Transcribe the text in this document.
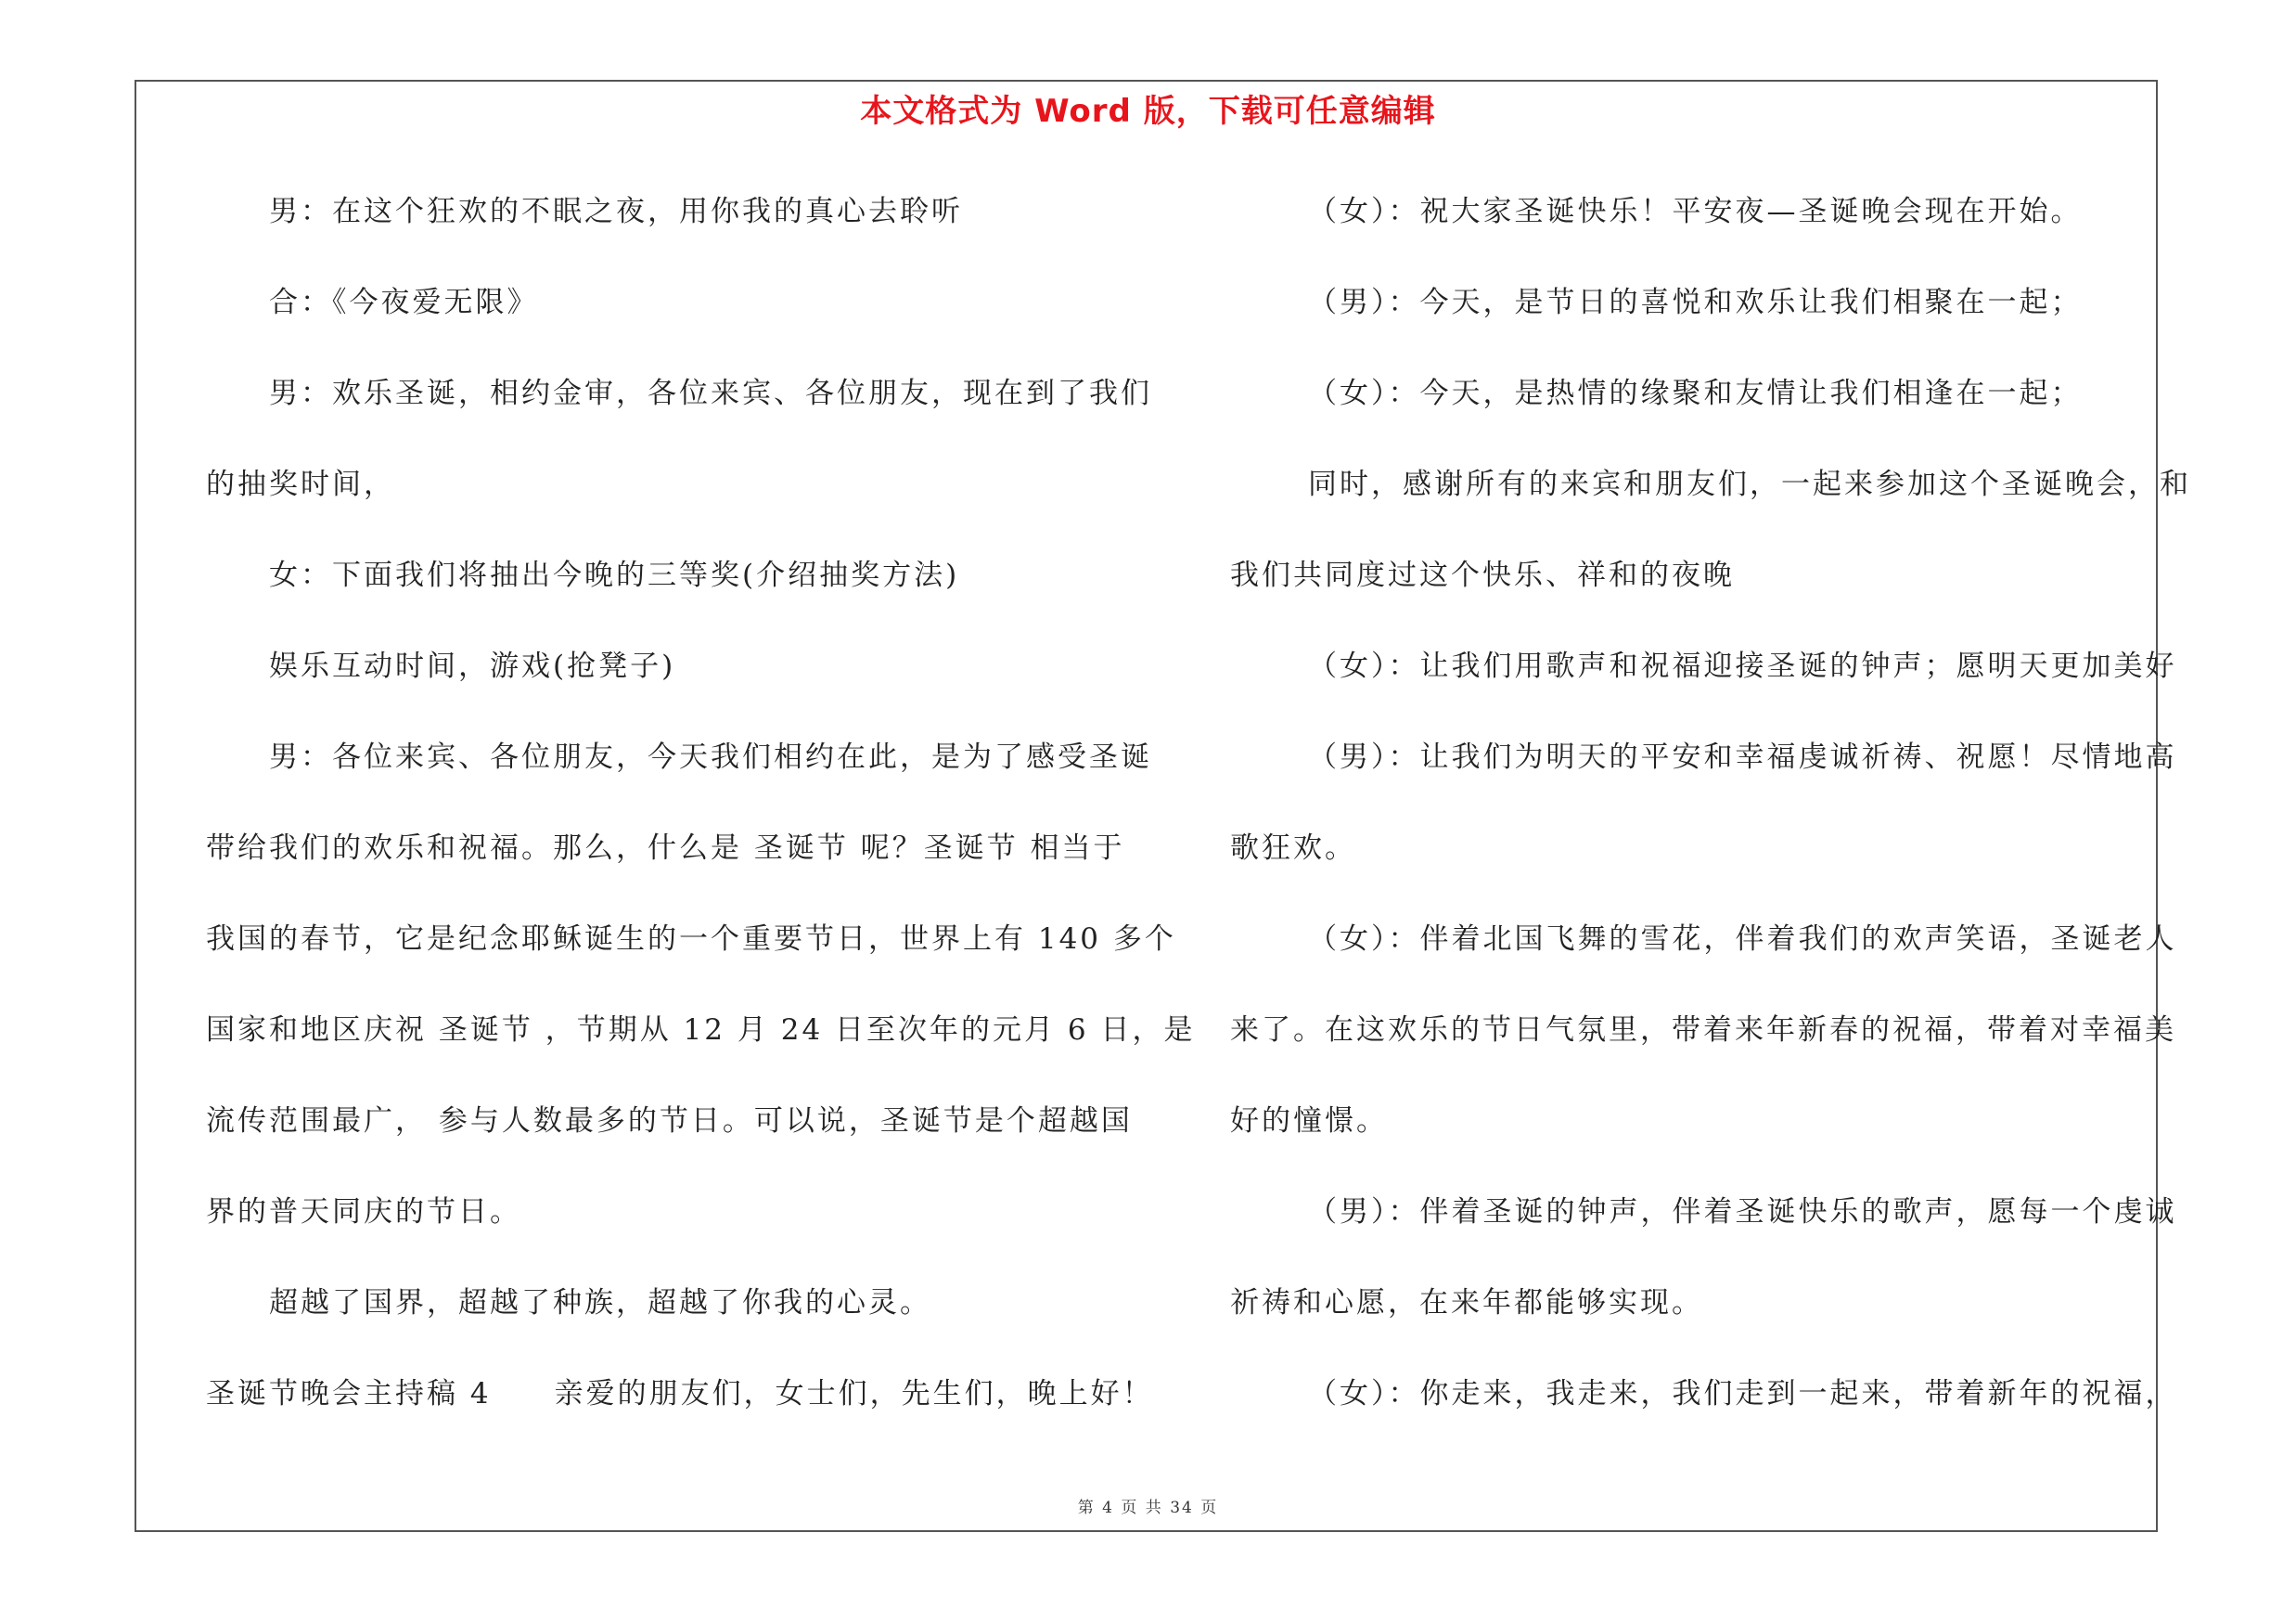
本文格式为 Word 版，下载可任意编辑
男：在这个狂欢的不眠之夜，用你我的真心去聆听
合：《今夜爱无限》
男：欢乐圣诞，相约金审，各位来宾、各位朋友，现在到了我们
的抽奖时间，
女：下面我们将抽出今晚的三等奖(介绍抽奖方法)
娱乐互动时间，游戏(抢凳子)
男：各位来宾、各位朋友，今天我们相约在此，是为了感受圣诞
带给我们的欢乐和祝福。那么，什么是 圣诞节 呢？圣诞节 相当于
我国的春节，它是纪念耶稣诞生的一个重要节日，世界上有 140 多个
国家和地区庆祝 圣诞节 ，节期从 12 月 24 日至次年的元月 6 日，是
流传范围最广， 参与人数最多的节日。可以说，圣诞节是个超越国
界的普天同庆的节日。
超越了国界，超越了种族，超越了你我的心灵。
圣诞节晚会主持稿 4　　亲爱的朋友们，女士们，先生们，晚上好！
（女）：祝大家圣诞快乐！平安夜—圣诞晚会现在开始。
（男）：今天，是节日的喜悦和欢乐让我们相聚在一起；
（女）：今天，是热情的缘聚和友情让我们相逢在一起；
同时，感谢所有的来宾和朋友们，一起来参加这个圣诞晚会，和
我们共同度过这个快乐、祥和的夜晚
（女）：让我们用歌声和祝福迎接圣诞的钟声；愿明天更加美好
（男）：让我们为明天的平安和幸福虔诚祈祷、祝愿！尽情地高
歌狂欢。
（女）：伴着北国飞舞的雪花，伴着我们的欢声笑语，圣诞老人
来了。在这欢乐的节日气氛里，带着来年新春的祝福，带着对幸福美
好的憧憬。
（男）：伴着圣诞的钟声，伴着圣诞快乐的歌声，愿每一个虔诚
祈祷和心愿，在来年都能够实现。
（女）：你走来，我走来，我们走到一起来，带着新年的祝福，
第 4 页 共 34 页
